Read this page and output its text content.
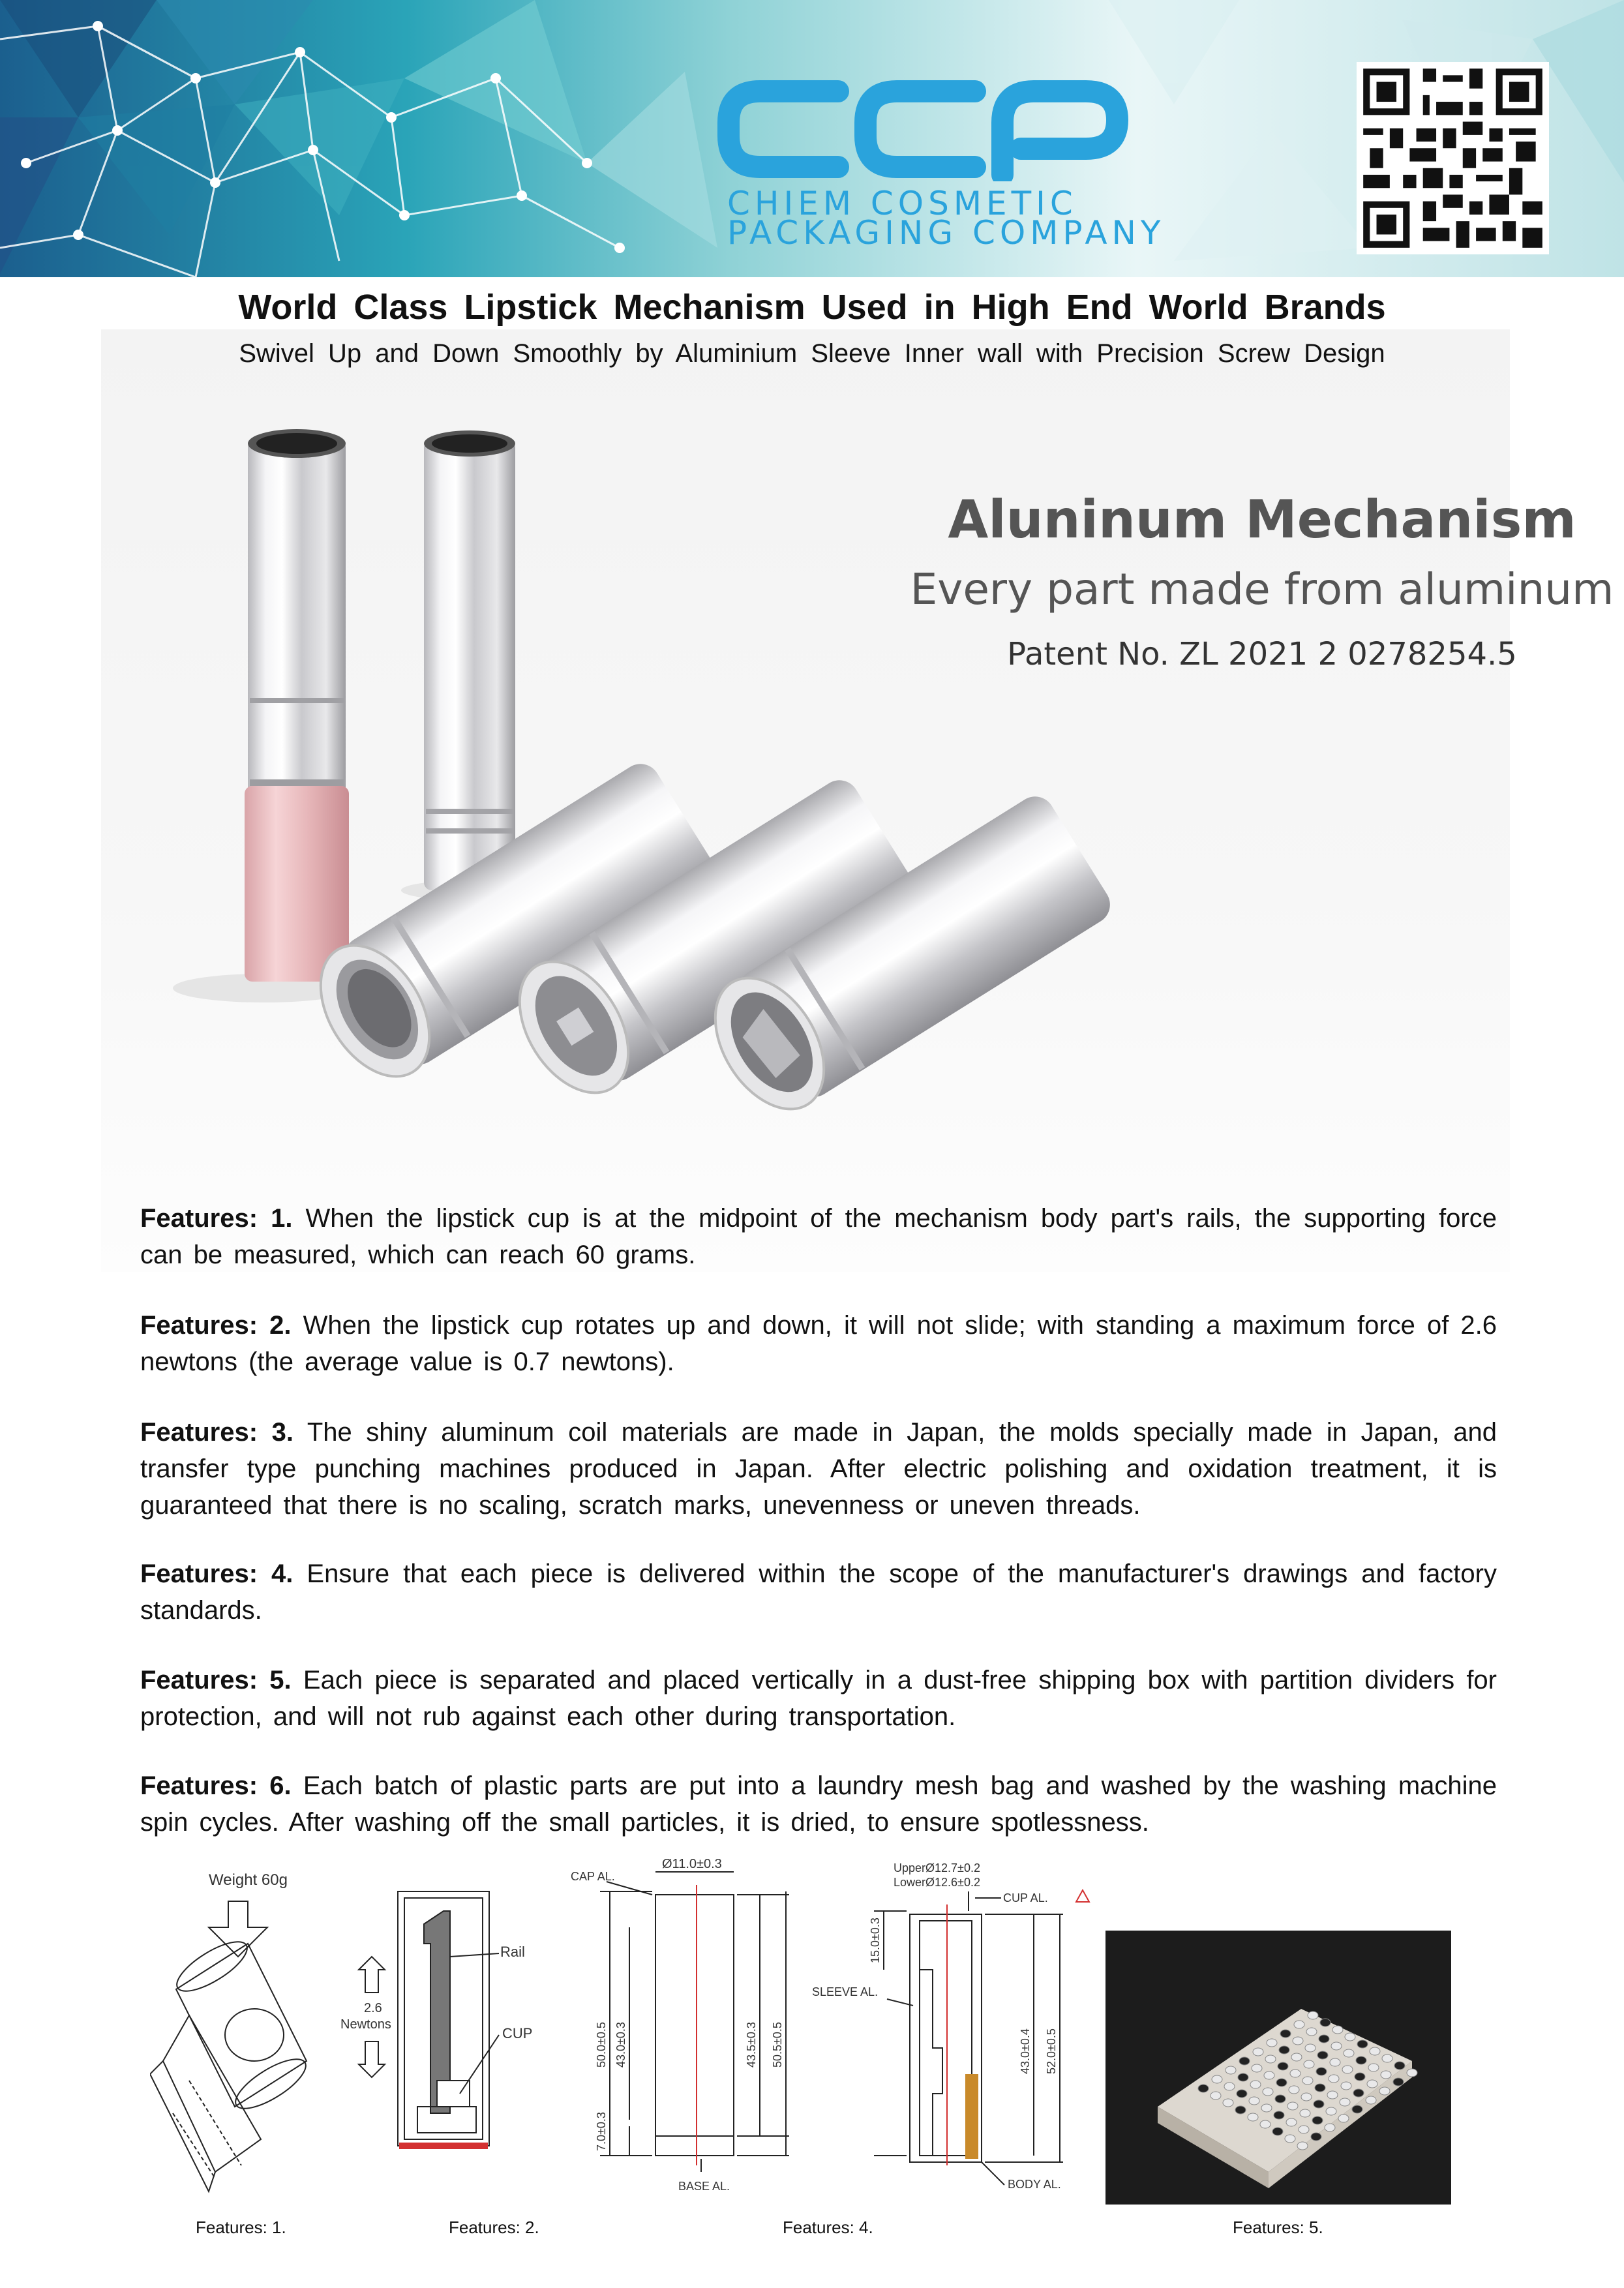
CHIEM COSMETIC
PACKAGING COMPANY
Aluninum Mechanism
Every part made from aluminum
Patent No. ZL 2021 2 0278254.5
World Class Lipstick Mechanism Used in High End World Brands
Swivel Up and Down Smoothly by Aluminium Sleeve Inner wall with Precision Screw Design
Features: 1. When the lipstick cup is at the midpoint of the mechanism body part's rails, the supporting force can be measured, which can reach 60 grams.
Features: 2. When the lipstick cup rotates up and down, it will not slide; with standing a maximum force of 2.6 newtons (the average value is 0.7 newtons).
Features: 3. The shiny aluminum coil materials are made in Japan, the molds specially made in Japan, and transfer type punching machines produced in Japan. After electric polishing and oxidation treatment, it is guaranteed that there is no scaling, scratch marks, unevenness or uneven threads.
Features: 4. Ensure that each piece is delivered within the scope of the manufacturer's drawings and factory standards.
Features: 5. Each piece is separated and placed vertically in a dust-free shipping box with partition dividers for protection, and will not rub against each other during transportation.
Features: 6. Each batch of plastic parts are put into a laundry mesh bag and washed by the washing machine spin cycles. After washing off the small particles, it is dried, to ensure spotlessness.
Weight 60g
Rail
CUP
2.6
Newtons
Ø11.0±0.3
CAP AL.
BASE AL.
50.0±0.5 43.0±0.3	43.5±0.3 50.5±0.5
7.0±0.3
UpperØ12.7±0.2
LowerØ12.6±0.2
CUP AL.
SLEEVE AL.
BODY AL.
15.0±0.3
43.0±0.4 52.0±0.5
Features: 1.	Features: 2.	Features: 4.	Features: 5.
